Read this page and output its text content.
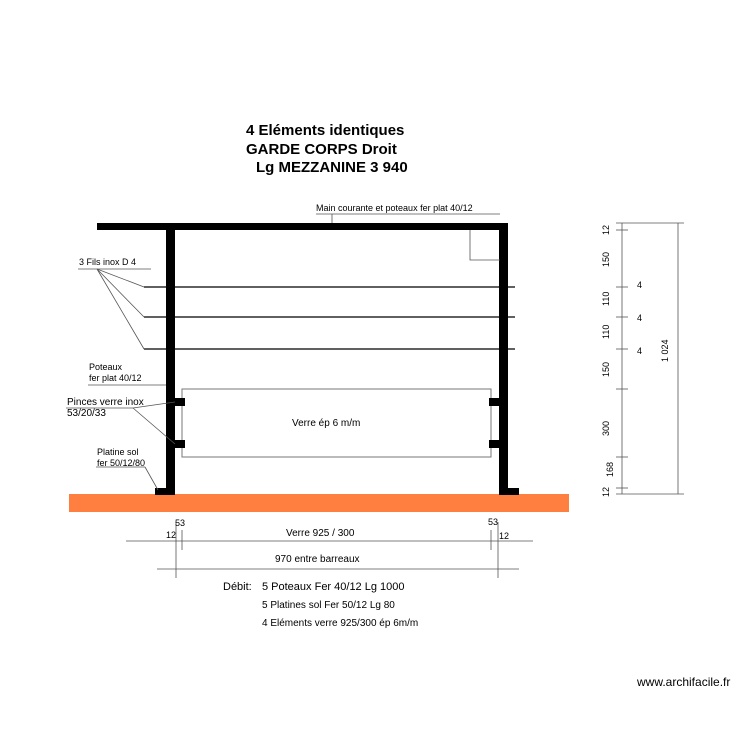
4 Eléments identiques
GARDE CORPS Droit
Lg MEZZANINE 3 940
Verre ép 6 m/m
Main courante et poteaux fer plat 40/12
3 Fils inox D 4
Poteaux
fer plat 40/12
Pinces verre inox
53/20/33
Platine sol
fer 50/12/80
12
150
110
110
150
300
168
12
1 024
4
4
4
53
12
53
12
Verre 925 / 300
970 entre barreaux
Débit: 5 Poteaux Fer 40/12 Lg 1000
5 Platines sol Fer 50/12 Lg 80
4 Eléments verre 925/300 ép 6m/m
www.archifacile.fr
